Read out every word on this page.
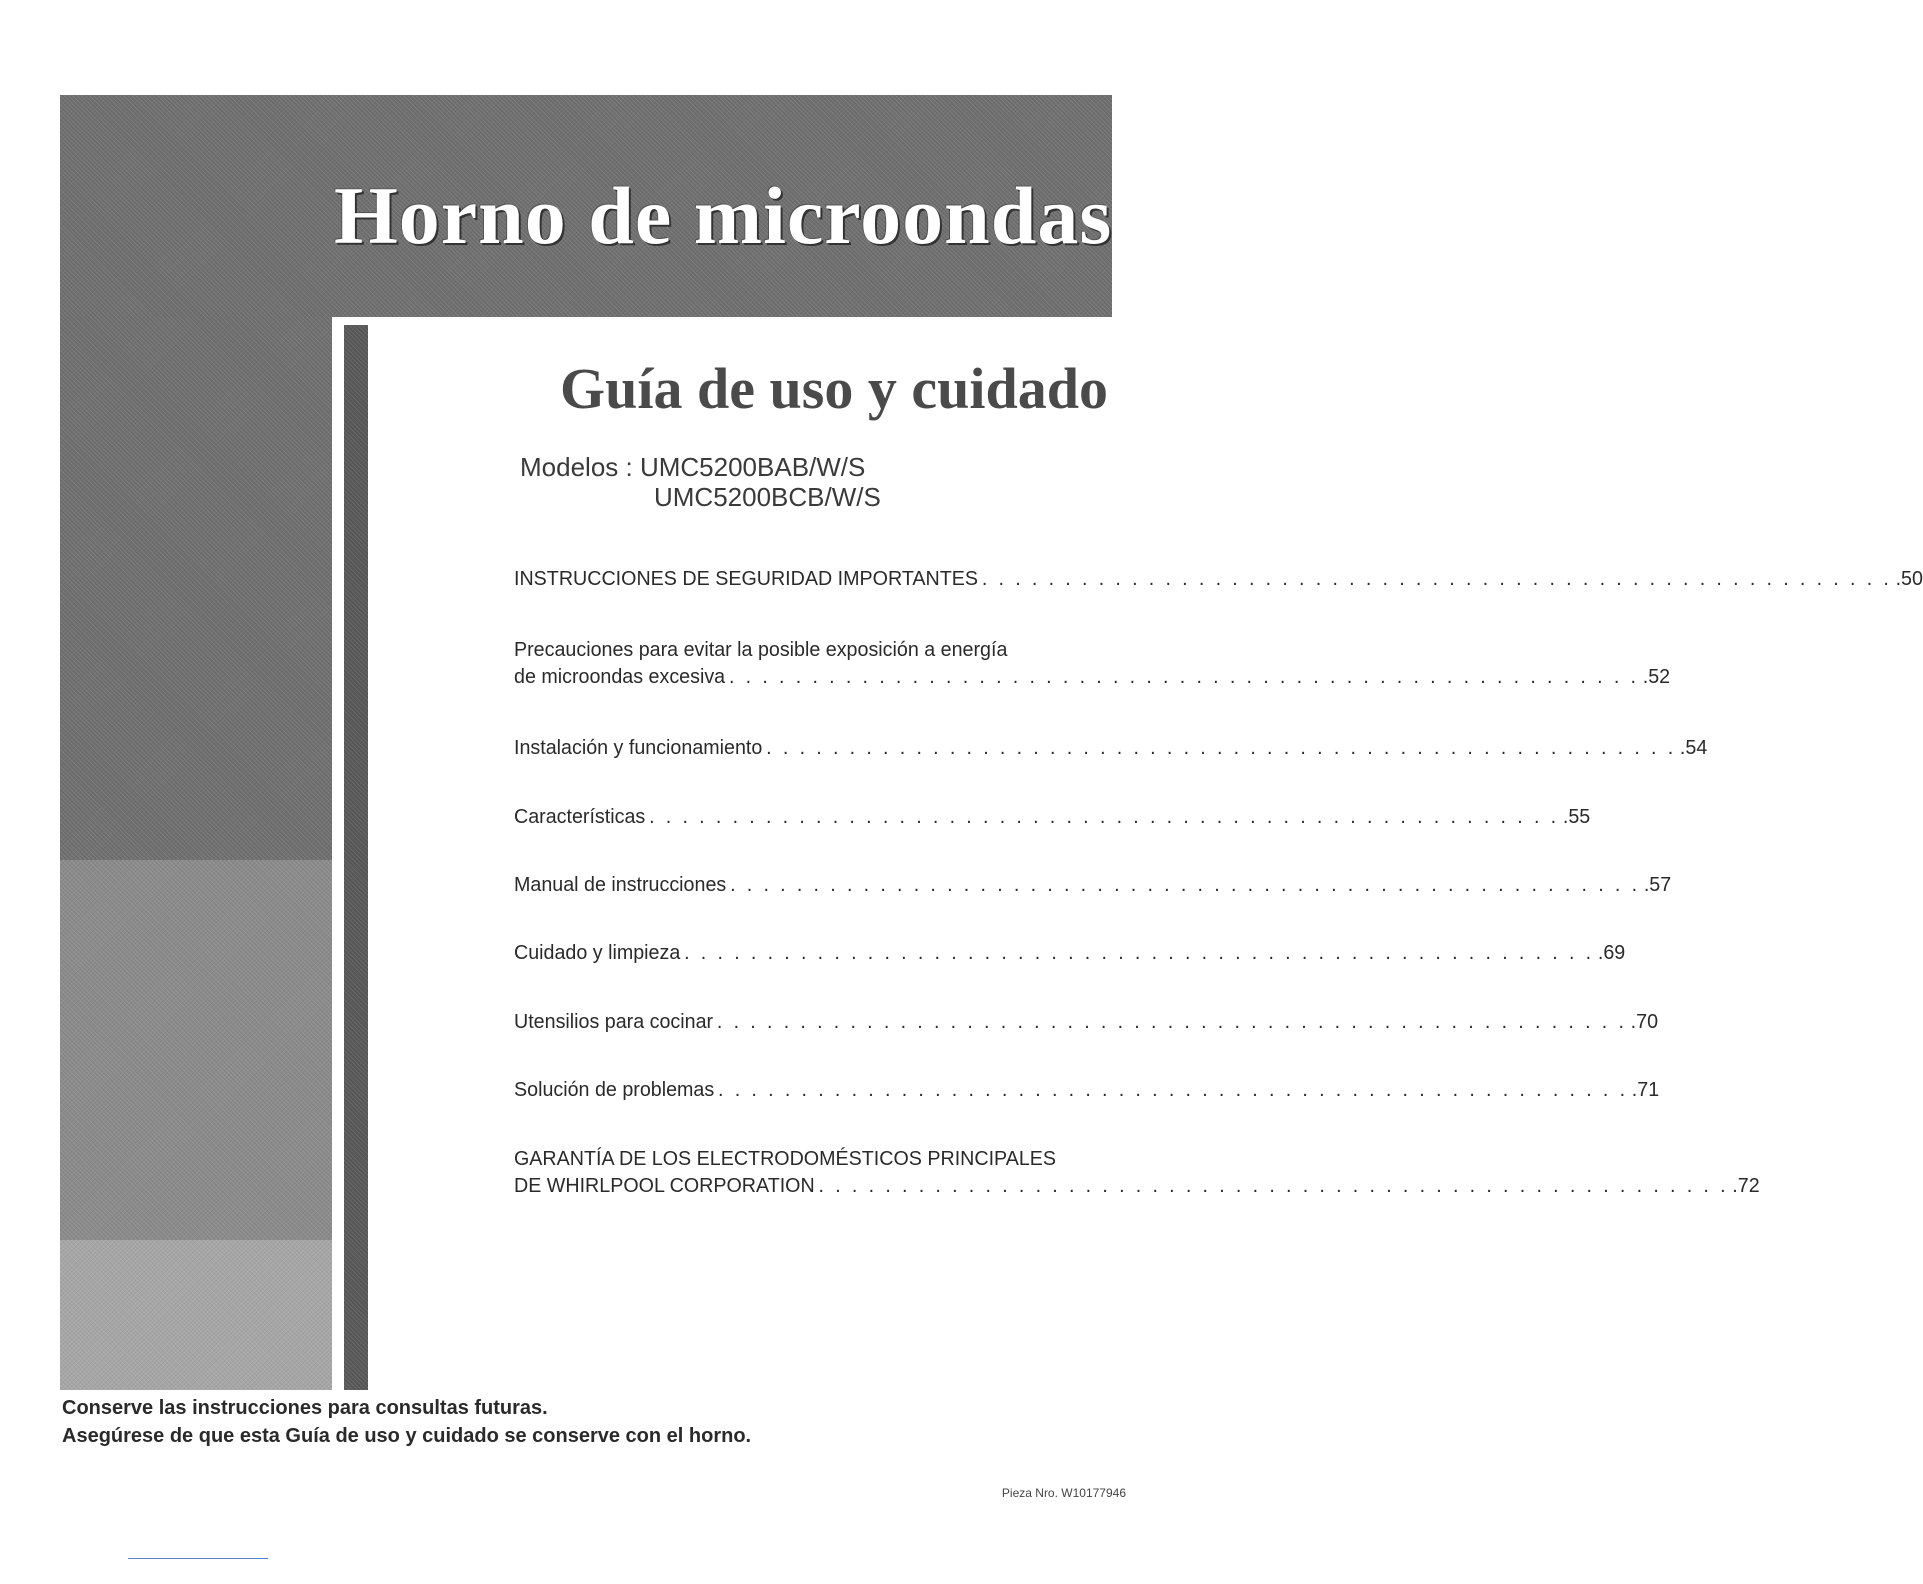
Horno de microondas
Guía de uso y cuidado
Modelos : UMC5200BAB/W/S
UMC5200BCB/W/S
INSTRUCCIONES DE SEGURIDAD IMPORTANTES . . . . . . . . . . . . . . . . . . . . . . . . . . . . . . . . . . . . . . . . . . . . . . . . . . . . . . . .50
Precauciones para evitar la posible exposición a energía
de microondas excesiva . . . . . . . . . . . . . . . . . . . . . . . . . . . . . . . . . . . . . . . . . . . . . . . . . . . . . . . .52
Instalación y funcionamiento . . . . . . . . . . . . . . . . . . . . . . . . . . . . . . . . . . . . . . . . . . . . . . . . . . . . . . . .54
Características . . . . . . . . . . . . . . . . . . . . . . . . . . . . . . . . . . . . . . . . . . . . . . . . . . . . . . . .55
Manual de instrucciones . . . . . . . . . . . . . . . . . . . . . . . . . . . . . . . . . . . . . . . . . . . . . . . . . . . . . . . .57
Cuidado y limpieza . . . . . . . . . . . . . . . . . . . . . . . . . . . . . . . . . . . . . . . . . . . . . . . . . . . . . . . .69
Utensilios para cocinar . . . . . . . . . . . . . . . . . . . . . . . . . . . . . . . . . . . . . . . . . . . . . . . . . . . . . . . .70
Solución de problemas . . . . . . . . . . . . . . . . . . . . . . . . . . . . . . . . . . . . . . . . . . . . . . . . . . . . . . . .71
GARANTÍA DE LOS ELECTRODOMÉSTICOS PRINCIPALES
DE WHIRLPOOL CORPORATION . . . . . . . . . . . . . . . . . . . . . . . . . . . . . . . . . . . . . . . . . . . . . . . . . . . . . . . .72
Conserve las instrucciones para consultas futuras.
Asegúrese de que esta Guía de uso y cuidado se conserve con el horno.
Pieza Nro. W10177946
